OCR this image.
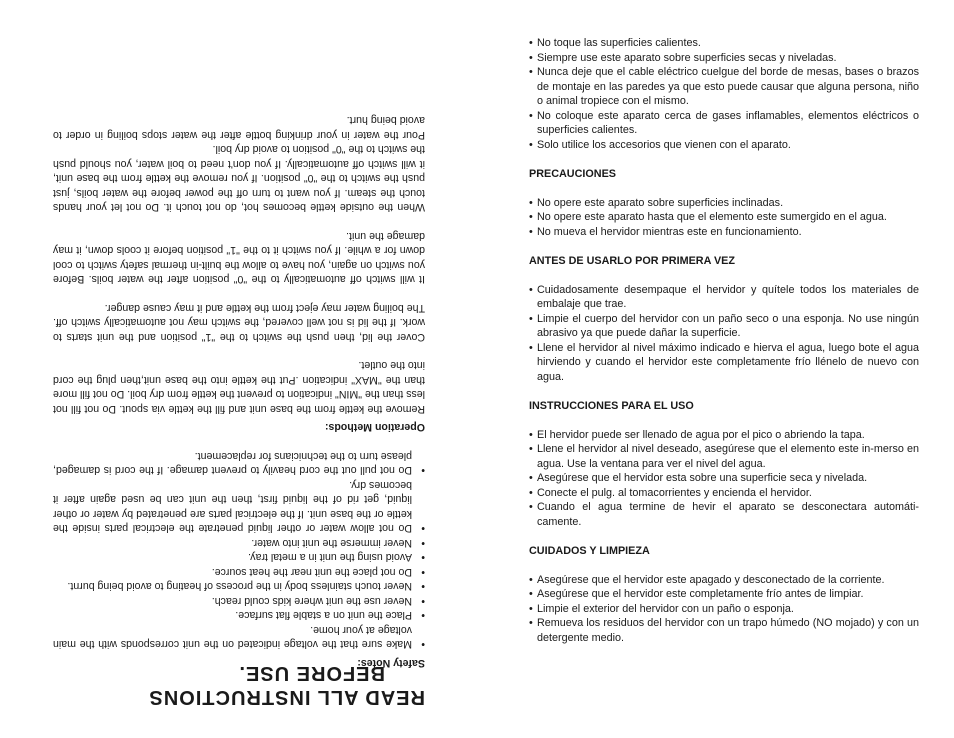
READ ALL INSTRUCTIONS
BEFORE USE.
Safety Notes:
• Make sure that the voltage indicated on the unit corresponds with the main voltage at your home.
• Place the unit on a stable flat surface.
• Never use the unit where kids could reach.
• Never touch stainless body in the process of heating to avoid being burnt.
• Do not place the unit near the heat source.
• Avoid using the unit in a metal tray.
• Never immerse the unit into water.
• Do not allow water or other liquid penetrate the electrical parts inside the kettle or the base unit. If the electrical parts are penetrated by water or other liquid, get rid of the liquid first, then the unit can be used again after it becomes dry.
• Do not pull out the cord heavily to prevent damage. If the cord is damaged, please turn to the technicians for replacement.
Operation Methods:

Remove the kettle from the base unit and fill the kettle via spout. Do not fill not less than the "MIN" indication to prevent the kettle from dry boil. Do not fill more than the "MAX" indication .Put the kettle into the base unit,then plug the cord into the outlet.

Cover the lid, then push the switch to the "1" position and the unit starts to work. If the lid is not well covered, the switch may not automatically switch off. The boiling water may eject from the kettle and it may cause danger.

It will switch off automatically to the "0" position after the water boils. Before you switch on again, you have to allow the built-in thermal safety switch to cool down for a while. If you switch it to the "1" position before it cools down, it may damage the unit.

When the outside kettle becomes hot, do not touch it. Do not let your hands touch the steam. If you want to turn off the power before the water boils, just push the switch to the "0" position. If you remove the kettle from the base unit, it will switch off automatically. If you don't need to boil water, you should push the switch to the "0" position to avoid dry boil.

Pour the water in your drinking bottle after the water stops boiling in order to avoid being hurt.

• No toque las superficies calientes.
• Siempre use este aparato sobre superficies secas y niveladas.
• Nunca deje que el cable eléctrico cuelgue del borde de mesas, bases o brazos de montaje en las paredes ya que esto puede causar que alguna persona, niño o animal tropiece con el mismo.
• No coloque este aparato cerca de gases inflamables, elementos eléctricos o superficies calientes.
• Solo utilice los accesorios que vienen con el aparato.
PRECAUCIONES
• No opere este aparato sobre superficies inclinadas.
• No opere este aparato hasta que el elemento este sumergido en el agua.
• No mueva el hervidor mientras este en funcionamiento.
ANTES DE USARLO POR PRIMERA VEZ
• Cuidadosamente desempaque el hervidor y quítele todos los materiales de embalaje que trae.
• Limpie el cuerpo del hervidor con un paño seco o una esponja. No use ningún abrasivo ya que puede dañar la superficie.
• Llene el hervidor al nivel máximo indicado e hierva el agua, luego bote el agua hirviendo y cuando el hervidor este completamente frío llénelo de nuevo con agua.
INSTRUCCIONES PARA EL USO
• El hervidor puede ser llenado de agua por el pico o abriendo la tapa.
• Llene el hervidor al nivel deseado, asegúrese que el elemento este in-merso en agua. Use la ventana para ver el nivel del agua.
• Asegúrese que el hervidor esta sobre una superficie seca y nivelada.
• Conecte el pulg. al tomacorrientes y encienda el hervidor.
• Cuando el agua termine de hevir el aparato se desconectara automáti-camente.
CUIDADOS Y LIMPIEZA
• Asegúrese que el hervidor este apagado y desconectado de la corriente.
• Asegúrese que el hervidor este completamente frío antes de limpiar.
• Limpie el exterior del hervidor con un paño o esponja.
• Remueva los residuos del hervidor con un trapo húmedo (NO mojado) y con un detergente medio.
